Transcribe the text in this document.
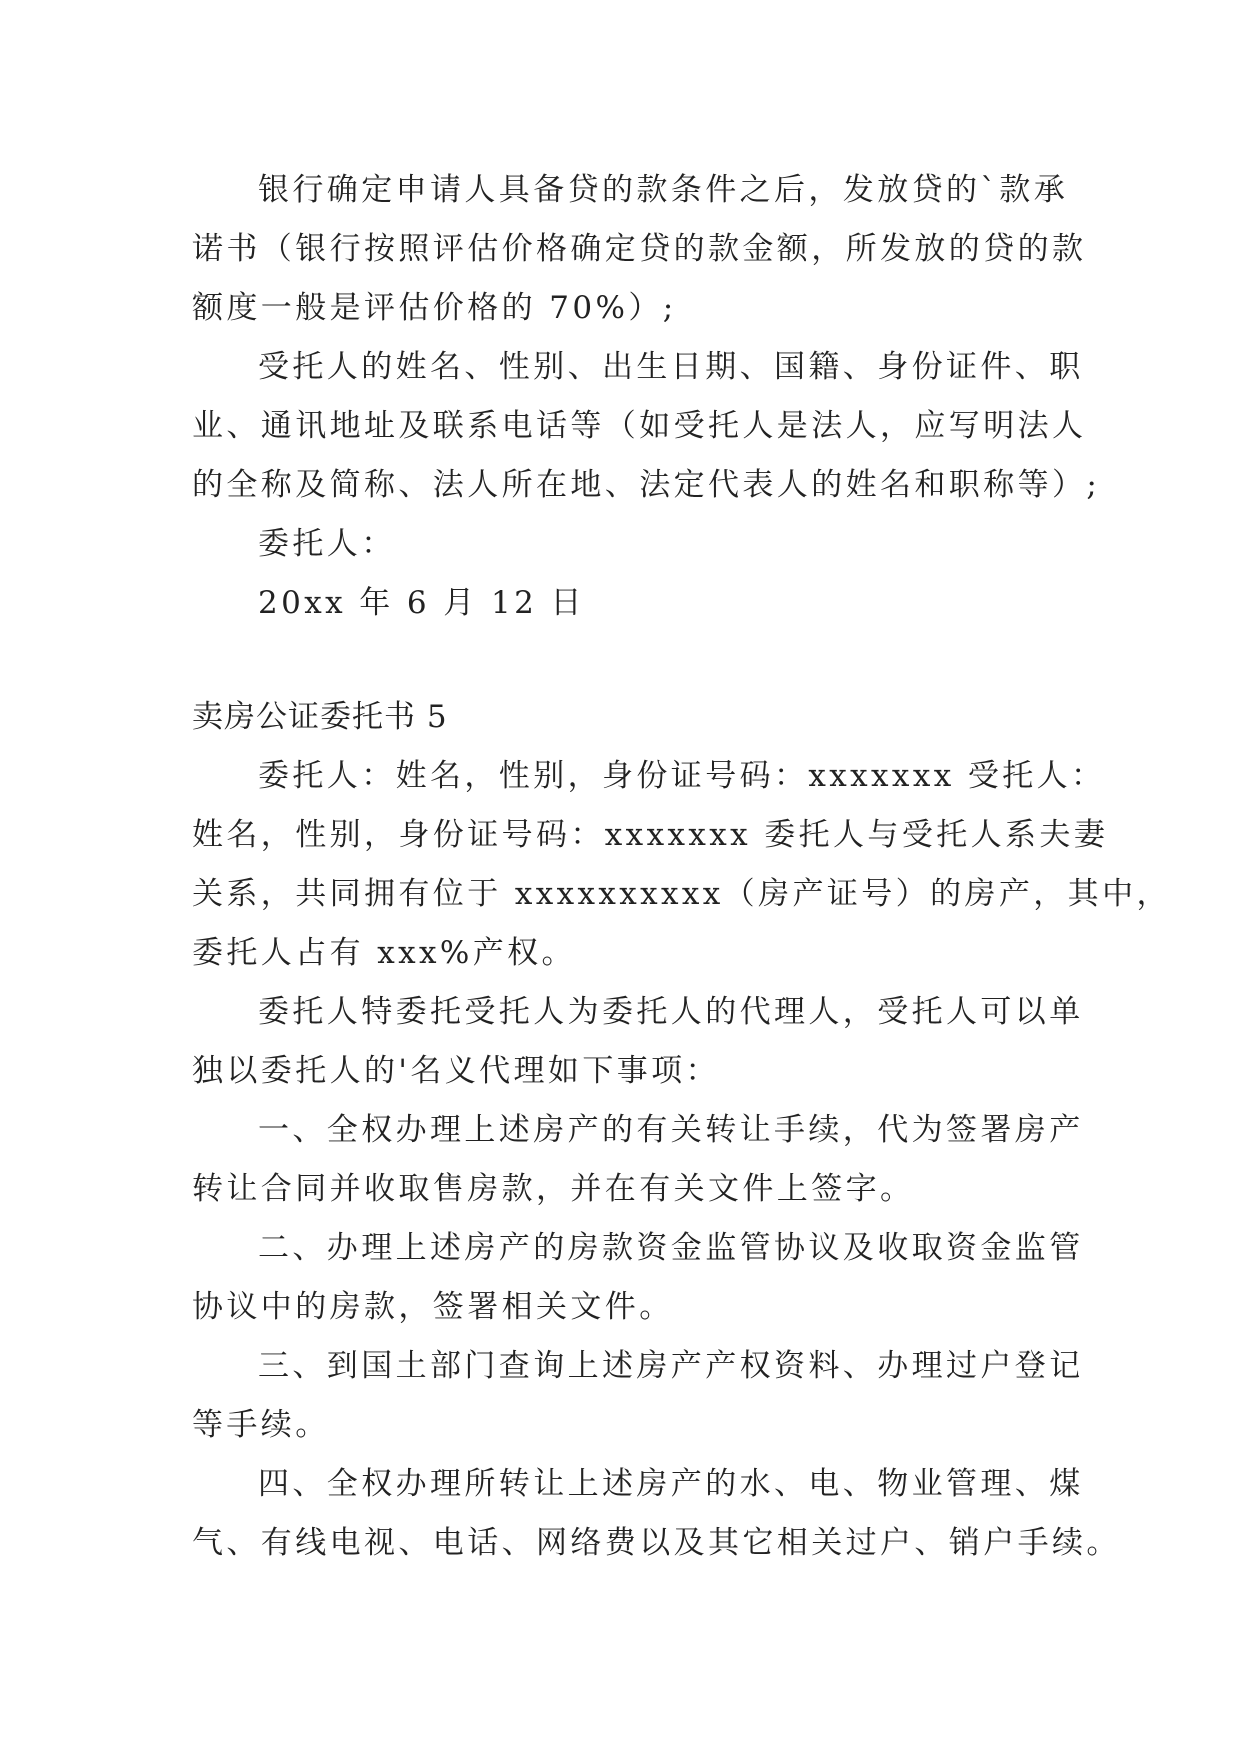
银行确定申请人具备贷的款条件之后，发放贷的`款承
诺书（银行按照评估价格确定贷的款金额，所发放的贷的款
额度一般是评估价格的 70%）;
受托人的姓名、性别、出生日期、国籍、身份证件、职
业、通讯地址及联系电话等（如受托人是法人，应写明法人
的全称及简称、法人所在地、法定代表人的姓名和职称等）;
委托人：
20xx 年 6 月 12 日
卖房公证委托书 5
委托人：姓名，性别，身份证号码：xxxxxxx 受托人：
姓名，性别，身份证号码：xxxxxxx 委托人与受托人系夫妻
关系，共同拥有位于 xxxxxxxxxx（房产证号）的房产，其中，
委托人占有 xxx%产权。
委托人特委托受托人为委托人的代理人，受托人可以单
独以委托人的'名义代理如下事项：
一、全权办理上述房产的有关转让手续，代为签署房产
转让合同并收取售房款，并在有关文件上签字。
二、办理上述房产的房款资金监管协议及收取资金监管
协议中的房款，签署相关文件。
三、到国土部门查询上述房产产权资料、办理过户登记
等手续。
四、全权办理所转让上述房产的水、电、物业管理、煤
气、有线电视、电话、网络费以及其它相关过户、销户手续。
